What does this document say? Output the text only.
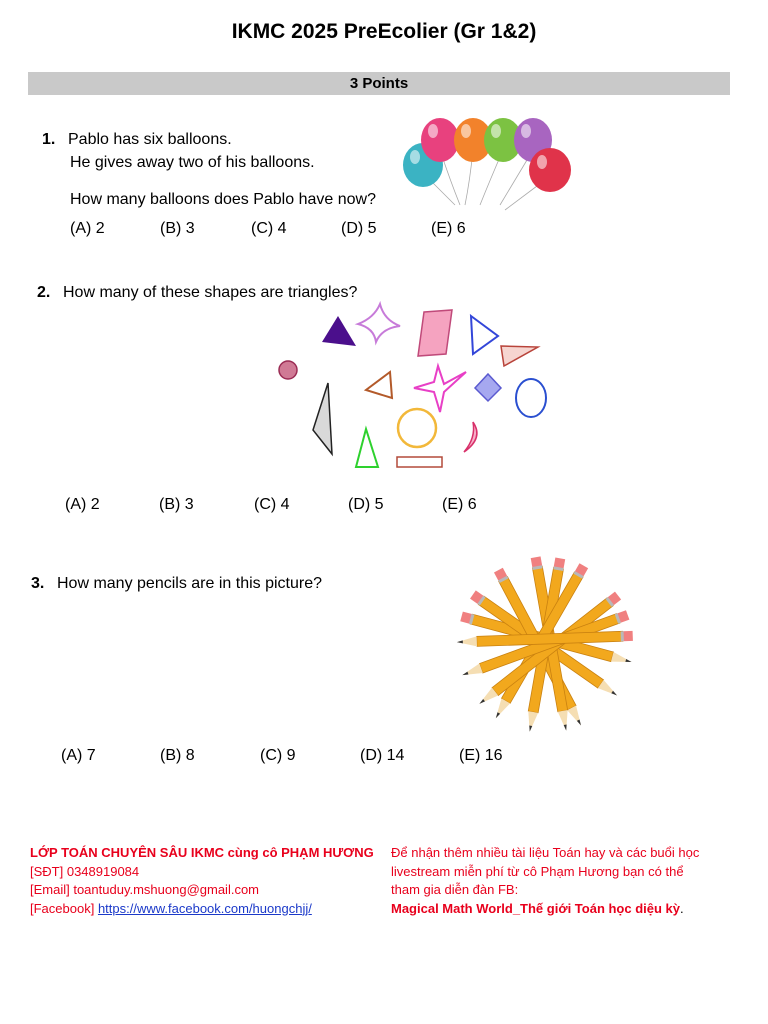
IKMC 2025 PreEcolier (Gr 1&2)
3 Points
1. Pablo has six balloons.
He gives away two of his balloons.
How many balloons does Pablo have now?
(A) 2	(B) 3	(C) 4	(D) 5	(E) 6
2. How many of these shapes are triangles?
(A) 2	(B) 3	(C) 4	(D) 5	(E) 6
3. How many pencils are in this picture?
(A) 7	(B) 8	(C) 9	(D) 14	(E) 16
LỚP TOÁN CHUYÊN SÂU IKMC cùng cô PHẠM HƯƠNG
[SĐT] 0348919084
[Email] toantuduy.mshuong@gmail.com
[Facebook] https://www.facebook.com/huongchjj/
Để nhận thêm nhiều tài liệu Toán hay và các buổi học
livestream miễn phí từ cô Phạm Hương bạn có thể
tham gia diễn đàn FB:
Magical Math World_Thế giới Toán học diệu kỳ.
